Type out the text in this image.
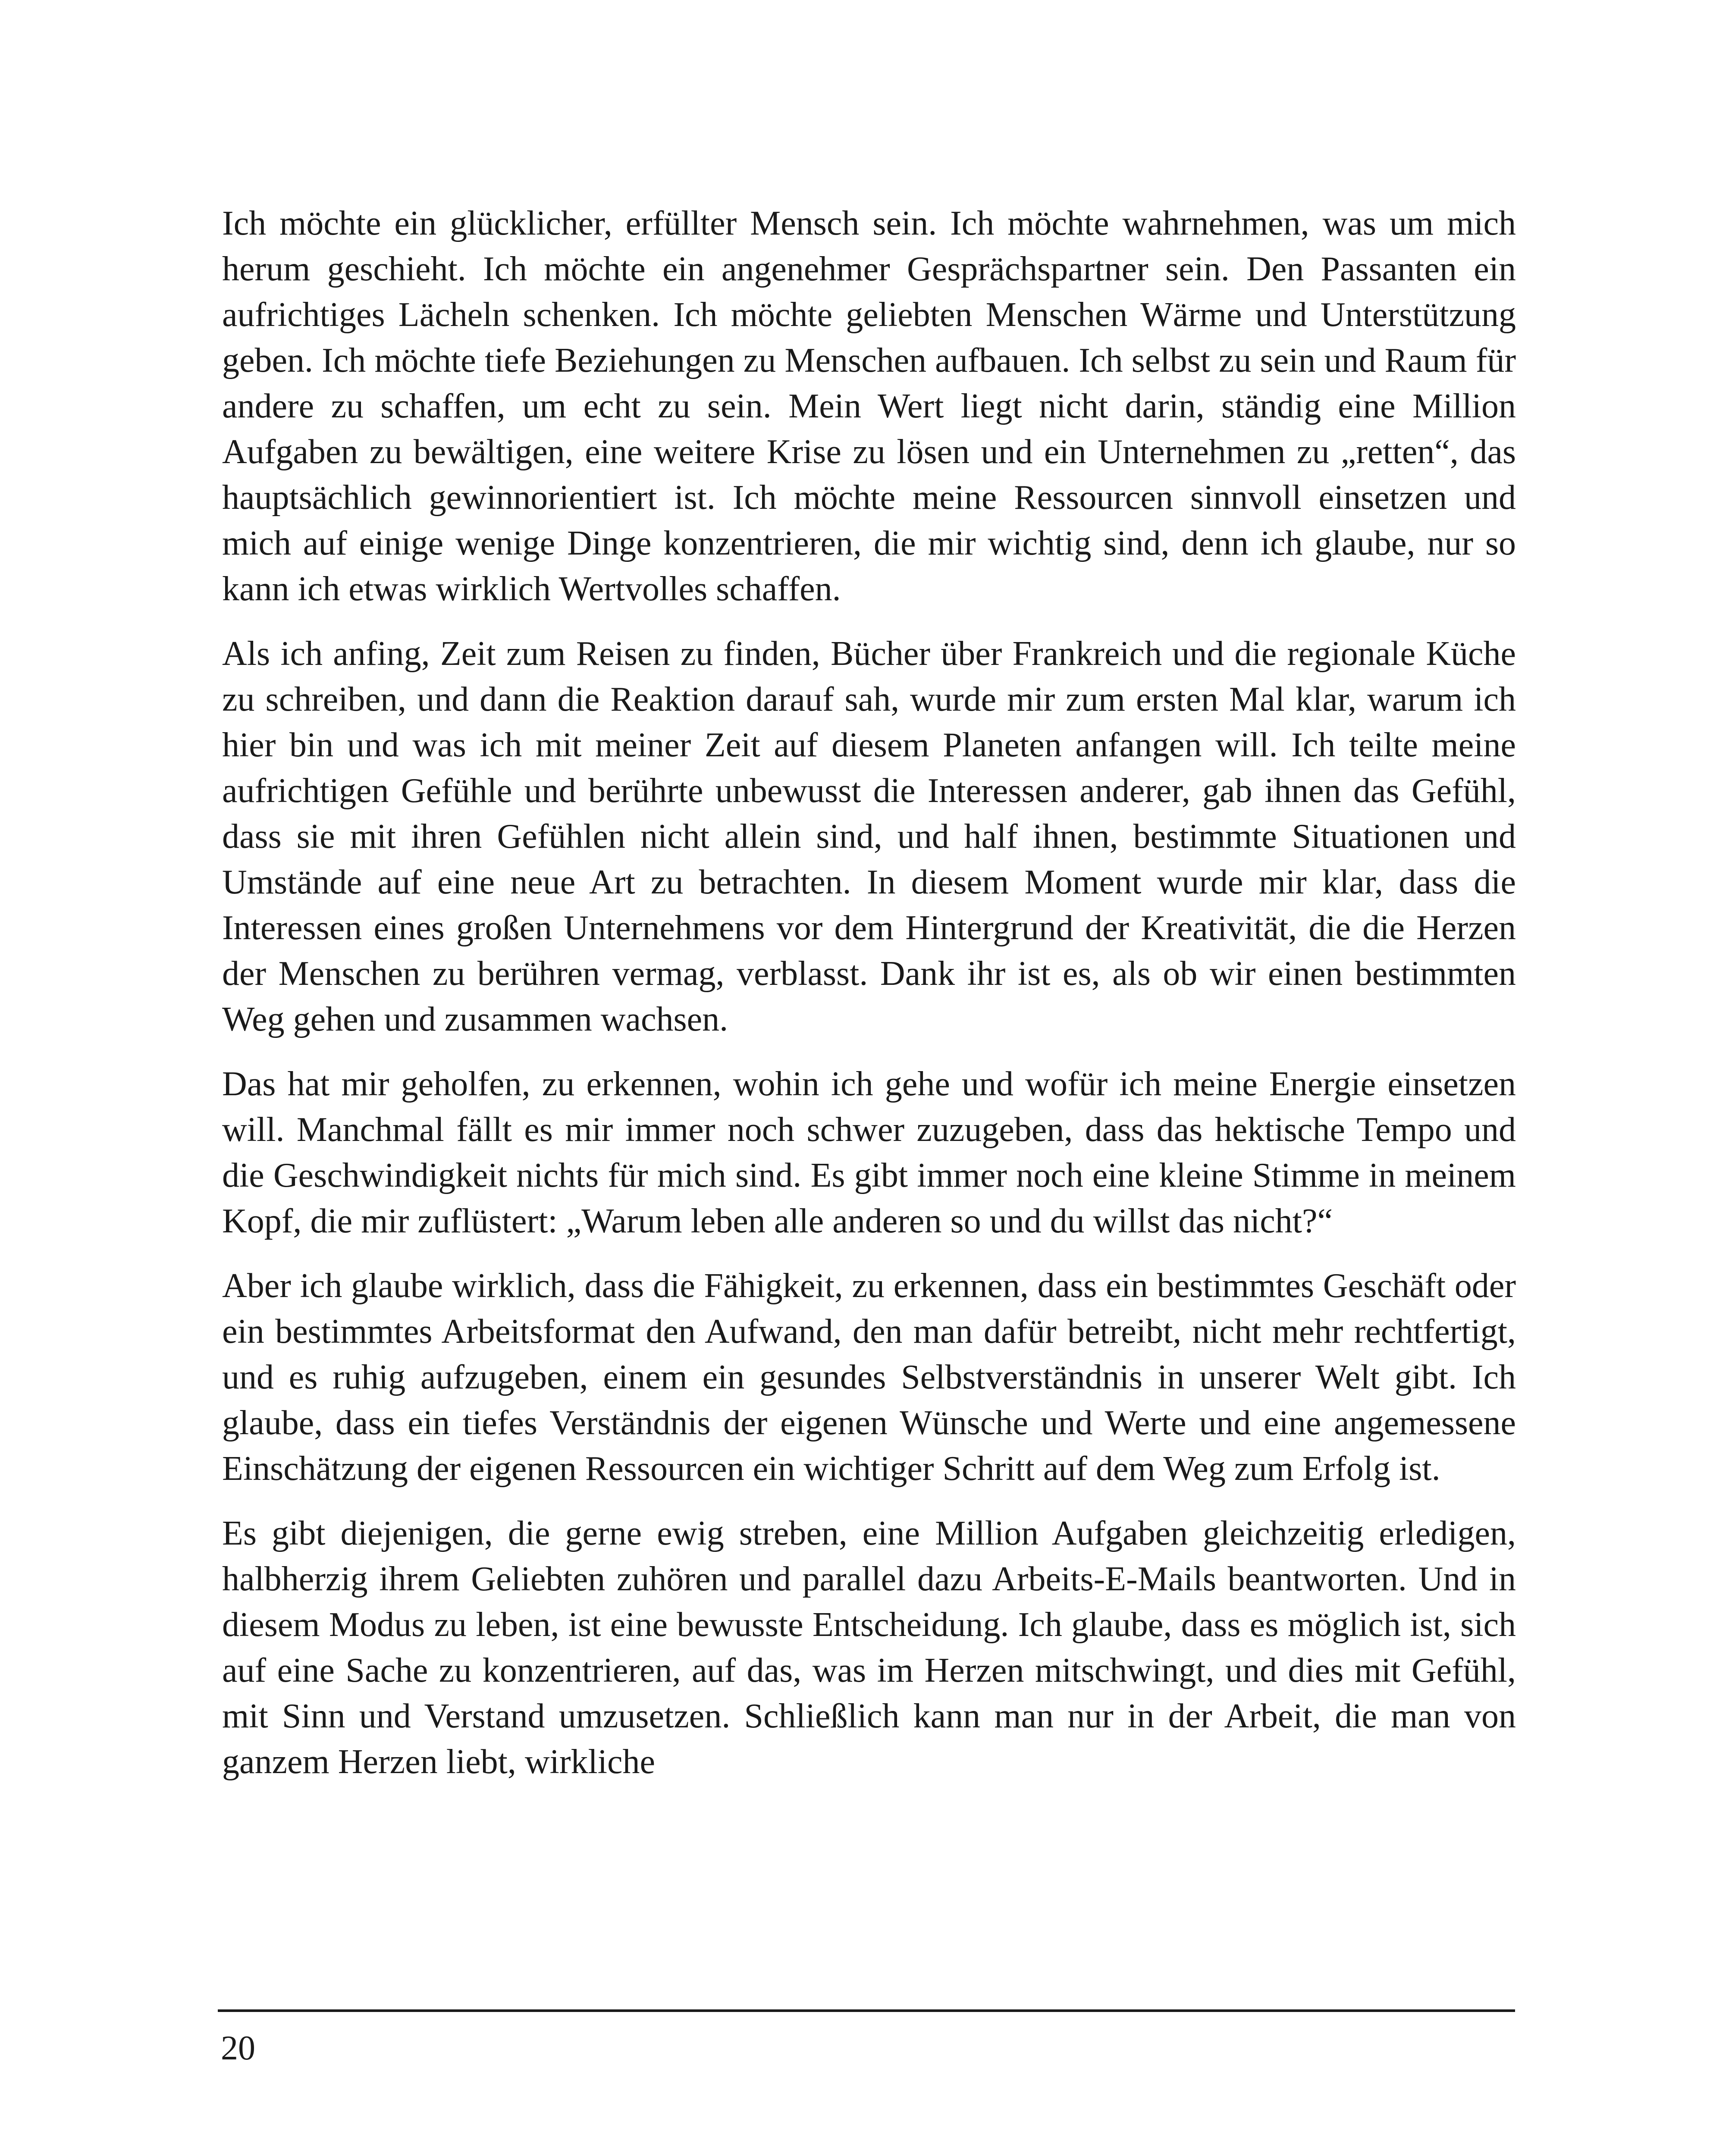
Ich möchte ein glücklicher, erfüllter Mensch sein. Ich möchte wahrnehmen, was um mich herum geschieht. Ich möchte ein angenehmer Gesprächspartner sein. Den Passanten ein aufrichtiges Lächeln schenken. Ich möchte geliebten Menschen Wärme und Unterstützung geben. Ich möchte tiefe Beziehungen zu Menschen aufbauen. Ich selbst zu sein und Raum für andere zu schaffen, um echt zu sein. Mein Wert liegt nicht darin, ständig eine Million Aufgaben zu bewältigen, eine weitere Krise zu lösen und ein Unternehmen zu „retten“, das hauptsächlich gewinnorientiert ist. Ich möchte meine Ressourcen sinnvoll einsetzen und mich auf einige wenige Dinge konzentrieren, die mir wichtig sind, denn ich glaube, nur so kann ich etwas wirklich Wertvolles schaffen.

Als ich anfing, Zeit zum Reisen zu finden, Bücher über Frankreich und die regionale Küche zu schreiben, und dann die Reaktion darauf sah, wurde mir zum ersten Mal klar, warum ich hier bin und was ich mit meiner Zeit auf diesem Planeten anfangen will. Ich teilte meine aufrichtigen Gefühle und berührte unbewusst die Interessen anderer, gab ihnen das Gefühl, dass sie mit ihren Gefühlen nicht allein sind, und half ihnen, bestimmte Situationen und Umstände auf eine neue Art zu betrachten. In diesem Moment wurde mir klar, dass die Interessen eines großen Unternehmens vor dem Hintergrund der Kreativität, die die Herzen der Menschen zu berühren vermag, verblasst. Dank ihr ist es, als ob wir einen bestimmten Weg gehen und zusammen wachsen.

Das hat mir geholfen, zu erkennen, wohin ich gehe und wofür ich meine Energie einsetzen will. Manchmal fällt es mir immer noch schwer zuzugeben, dass das hektische Tempo und die Geschwindigkeit nichts für mich sind. Es gibt immer noch eine kleine Stimme in meinem Kopf, die mir zuflüstert: „Warum leben alle anderen so und du willst das nicht?“

Aber ich glaube wirklich, dass die Fähigkeit, zu erkennen, dass ein bestimmtes Geschäft oder ein bestimmtes Arbeitsformat den Aufwand, den man dafür betreibt, nicht mehr rechtfertigt, und es ruhig aufzugeben, einem ein gesundes Selbstverständnis in unserer Welt gibt. Ich glaube, dass ein tiefes Verständnis der eigenen Wünsche und Werte und eine angemessene Einschätzung der eigenen Ressourcen ein wichtiger Schritt auf dem Weg zum Erfolg ist.

Es gibt diejenigen, die gerne ewig streben, eine Million Aufgaben gleichzeitig erledigen, halbherzig ihrem Geliebten zuhören und parallel dazu Arbeits-E-Mails beantworten. Und in diesem Modus zu leben, ist eine bewusste Entscheidung. Ich glaube, dass es möglich ist, sich auf eine Sache zu konzentrieren, auf das, was im Herzen mitschwingt, und dies mit Gefühl, mit Sinn und Verstand umzusetzen. Schließlich kann man nur in der Arbeit, die man von ganzem Herzen liebt, wirkliche

20
